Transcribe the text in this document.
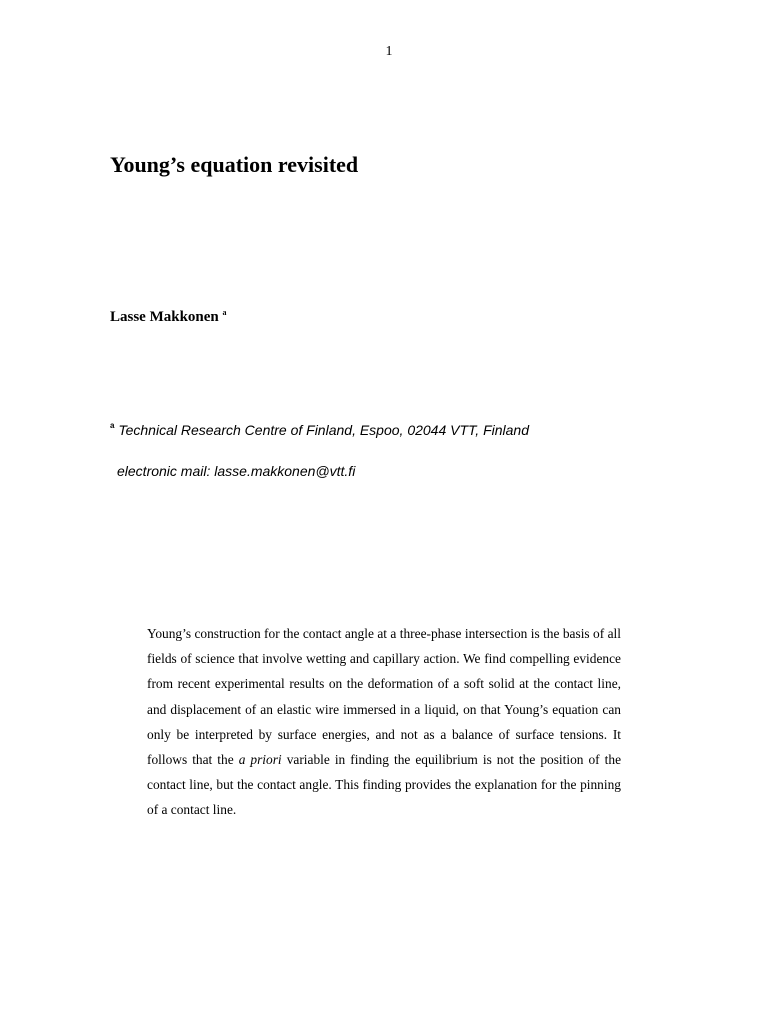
1
Young’s equation revisited
Lasse Makkonen $^a$
$^a$ Technical Research Centre of Finland, Espoo, 02044 VTT, Finland
electronic mail: lasse.makkonen@vtt.fi

Young’s construction for the contact angle at a three-phase intersection is the basis of all fields of science that involve wetting and capillary action. We find compelling evidence from recent experimental results on the deformation of a soft solid at the contact line, and displacement of an elastic wire immersed in a liquid, on that Young’s equation can only be interpreted by surface energies, and not as a balance of surface tensions. It follows that the a priori variable in finding the equilibrium is not the position of the contact line, but the contact angle. This finding provides the explanation for the pinning of a contact line.
